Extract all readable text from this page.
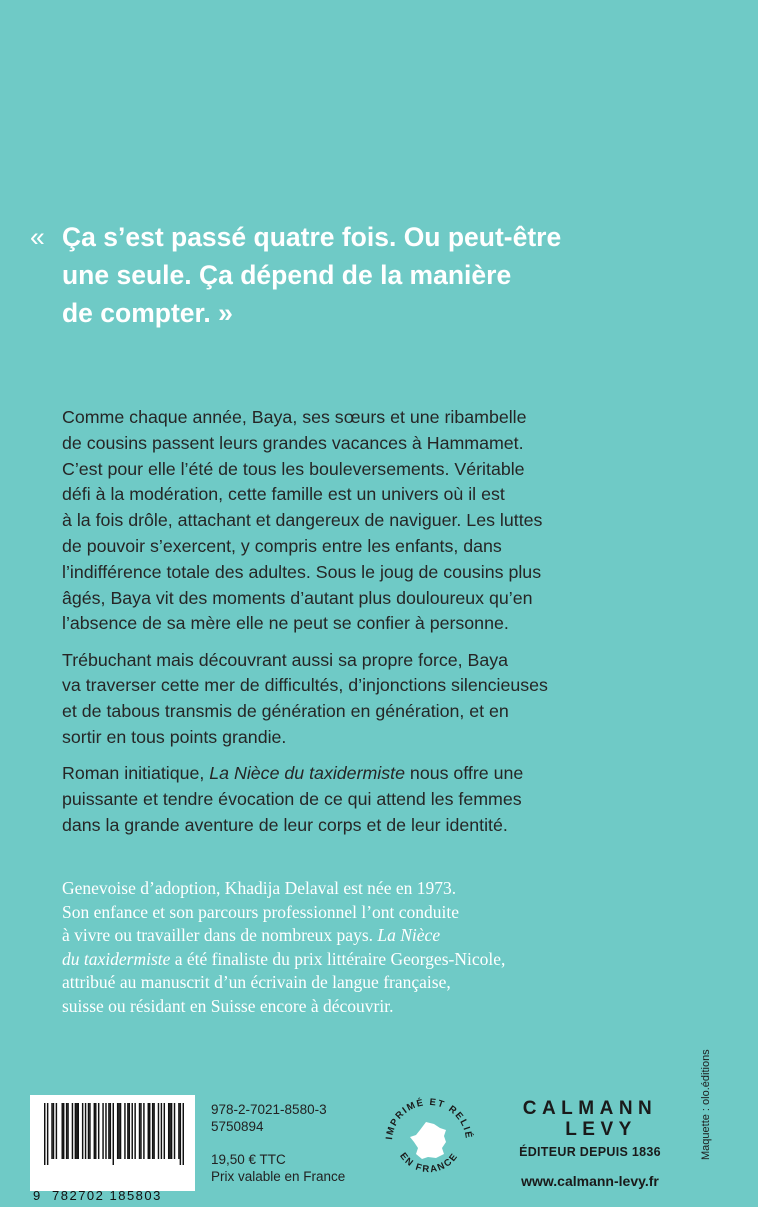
« Ça s’est passé quatre fois. Ou peut-être
une seule. Ça dépend de la manière
de compter. »
Comme chaque année, Baya, ses sœurs et une ribambelle
de cousins passent leurs grandes vacances à Hammamet.
C’est pour elle l’été de tous les bouleversements. Véritable
défi à la modération, cette famille est un univers où il est
à la fois drôle, attachant et dangereux de naviguer. Les luttes
de pouvoir s’exercent, y compris entre les enfants, dans
l’indifférence totale des adultes. Sous le joug de cousins plus
âgés, Baya vit des moments d’autant plus douloureux qu’en
l’absence de sa mère elle ne peut se confier à personne.
Trébuchant mais découvrant aussi sa propre force, Baya
va traverser cette mer de difficultés, d’injonctions silencieuses
et de tabous transmis de génération en génération, et en
sortir en tous points grandie.
Roman initiatique, La Nièce du taxidermiste nous offre une
puissante et tendre évocation de ce qui attend les femmes
dans la grande aventure de leur corps et de leur identité.
Genevoise d’adoption, Khadija Delaval est née en 1973.
Son enfance et son parcours professionnel l’ont conduite
à vivre ou travailler dans de nombreux pays. La Nièce
du taxidermiste a été finaliste du prix littéraire Georges-Nicole,
attribué au manuscrit d’un écrivain de langue française,
suisse ou résidant en Suisse encore à découvrir.
Maquette : olo.éditions
9 782702 185803
978-2-7021-8580-3
5750894
19,50 € TTC
Prix valable en France
IMPRIMÉ ET RELIÉ
EN FRANCE
CALMANN
LEVY
ÉDITEUR DEPUIS 1836
www.calmann-levy.fr
